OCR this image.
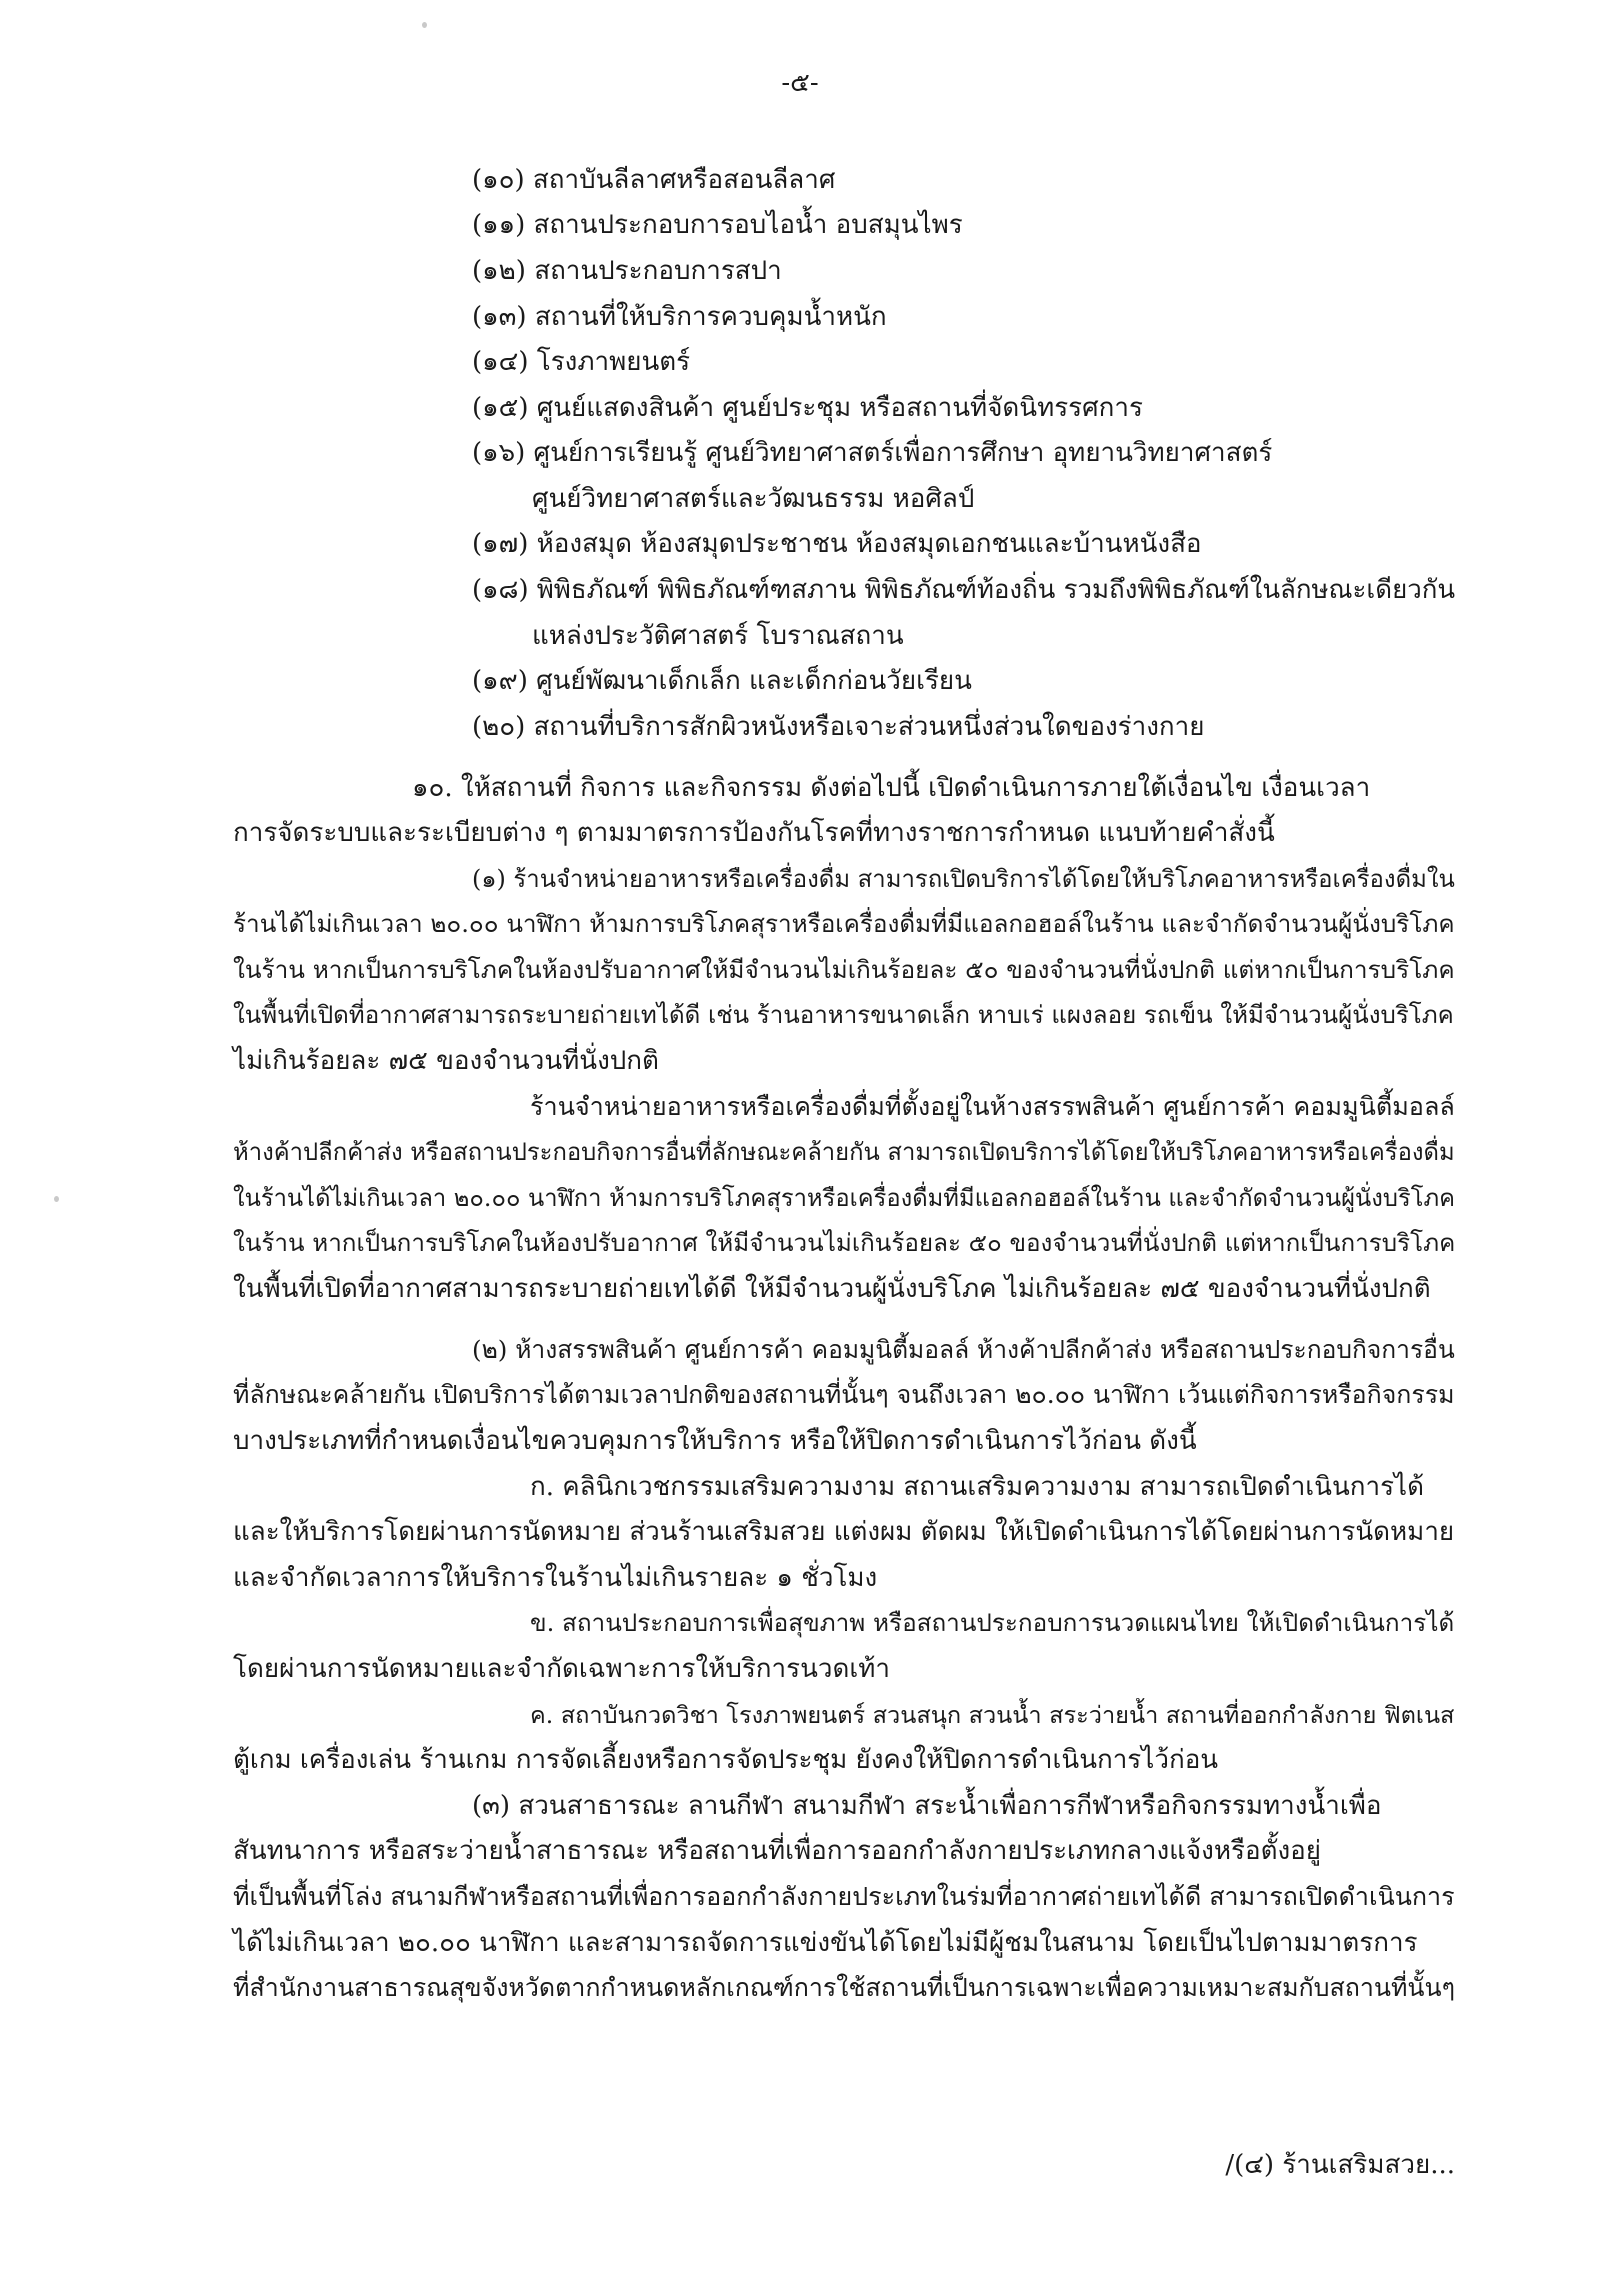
-๕-
(๑๐) สถาบันลีลาศหรือสอนลีลาศ
(๑๑) สถานประกอบการอบไอน้ำ อบสมุนไพร
(๑๒) สถานประกอบการสปา
(๑๓) สถานที่ให้บริการควบคุมน้ำหนัก
(๑๔) โรงภาพยนตร์
(๑๕) ศูนย์แสดงสินค้า ศูนย์ประชุม หรือสถานที่จัดนิทรรศการ
(๑๖) ศูนย์การเรียนรู้ ศูนย์วิทยาศาสตร์เพื่อการศึกษา อุทยานวิทยาศาสตร์
ศูนย์วิทยาศาสตร์และวัฒนธรรม หอศิลป์
(๑๗) ห้องสมุด ห้องสมุดประชาชน ห้องสมุดเอกชนและบ้านหนังสือ
(๑๘) พิพิธภัณฑ์ พิพิธภัณฑ์ฑสภาน พิพิธภัณฑ์ท้องถิ่น รวมถึงพิพิธภัณฑ์ในลักษณะเดียวกัน
แหล่งประวัติศาสตร์ โบราณสถาน
(๑๙) ศูนย์พัฒนาเด็กเล็ก และเด็กก่อนวัยเรียน
(๒๐) สถานที่บริการสักผิวหนังหรือเจาะส่วนหนึ่งส่วนใดของร่างกาย
๑๐. ให้สถานที่ กิจการ และกิจกรรม ดังต่อไปนี้ เปิดดำเนินการภายใต้เงื่อนไข เงื่อนเวลา
การจัดระบบและระเบียบต่าง ๆ ตามมาตรการป้องกันโรคที่ทางราชการกำหนด แนบท้ายคำสั่งนี้
(๑) ร้านจำหน่ายอาหารหรือเครื่องดื่ม สามารถเปิดบริการได้โดยให้บริโภคอาหารหรือเครื่องดื่มใน
ร้านได้ไม่เกินเวลา ๒๐.๐๐ นาฬิกา ห้ามการบริโภคสุราหรือเครื่องดื่มที่มีแอลกอฮอล์ในร้าน และจำกัดจำนวนผู้นั่งบริโภค
ในร้าน หากเป็นการบริโภคในห้องปรับอากาศให้มีจำนวนไม่เกินร้อยละ ๕๐ ของจำนวนที่นั่งปกติ แต่หากเป็นการบริโภค
ในพื้นที่เปิดที่อากาศสามารถระบายถ่ายเทได้ดี เช่น ร้านอาหารขนาดเล็ก หาบเร่ แผงลอย รถเข็น ให้มีจำนวนผู้นั่งบริโภค
ไม่เกินร้อยละ ๗๕ ของจำนวนที่นั่งปกติ
ร้านจำหน่ายอาหารหรือเครื่องดื่มที่ตั้งอยู่ในห้างสรรพสินค้า ศูนย์การค้า คอมมูนิตี้มอลล์
ห้างค้าปลีกค้าส่ง หรือสถานประกอบกิจการอื่นที่ลักษณะคล้ายกัน สามารถเปิดบริการได้โดยให้บริโภคอาหารหรือเครื่องดื่ม
ในร้านได้ไม่เกินเวลา ๒๐.๐๐ นาฬิกา ห้ามการบริโภคสุราหรือเครื่องดื่มที่มีแอลกอฮอล์ในร้าน และจำกัดจำนวนผู้นั่งบริโภค
ในร้าน หากเป็นการบริโภคในห้องปรับอากาศ ให้มีจำนวนไม่เกินร้อยละ ๕๐ ของจำนวนที่นั่งปกติ แต่หากเป็นการบริโภค
ในพื้นที่เปิดที่อากาศสามารถระบายถ่ายเทได้ดี ให้มีจำนวนผู้นั่งบริโภค ไม่เกินร้อยละ ๗๕ ของจำนวนที่นั่งปกติ
(๒) ห้างสรรพสินค้า ศูนย์การค้า คอมมูนิตี้มอลล์ ห้างค้าปลีกค้าส่ง หรือสถานประกอบกิจการอื่น
ที่ลักษณะคล้ายกัน เปิดบริการได้ตามเวลาปกติของสถานที่นั้นๆ จนถึงเวลา ๒๐.๐๐ นาฬิกา เว้นแต่กิจการหรือกิจกรรม
บางประเภทที่กำหนดเงื่อนไขควบคุมการให้บริการ หรือให้ปิดการดำเนินการไว้ก่อน ดังนี้
ก. คลินิกเวชกรรมเสริมความงาม สถานเสริมความงาม สามารถเปิดดำเนินการได้
และให้บริการโดยผ่านการนัดหมาย ส่วนร้านเสริมสวย แต่งผม ตัดผม ให้เปิดดำเนินการได้โดยผ่านการนัดหมาย
และจำกัดเวลาการให้บริการในร้านไม่เกินรายละ ๑ ชั่วโมง
ข. สถานประกอบการเพื่อสุขภาพ หรือสถานประกอบการนวดแผนไทย ให้เปิดดำเนินการได้
โดยผ่านการนัดหมายและจำกัดเฉพาะการให้บริการนวดเท้า
ค. สถาบันกวดวิชา โรงภาพยนตร์ สวนสนุก สวนน้ำ สระว่ายน้ำ สถานที่ออกกำลังกาย ฟิตเนส
ตู้เกม เครื่องเล่น ร้านเกม การจัดเลี้ยงหรือการจัดประชุม ยังคงให้ปิดการดำเนินการไว้ก่อน
(๓) สวนสาธารณะ ลานกีฬา สนามกีฬา สระน้ำเพื่อการกีฬาหรือกิจกรรมทางน้ำเพื่อ
สันทนาการ หรือสระว่ายน้ำสาธารณะ หรือสถานที่เพื่อการออกกำลังกายประเภทกลางแจ้งหรือตั้งอยู่
ที่เป็นพื้นที่โล่ง สนามกีฬาหรือสถานที่เพื่อการออกกำลังกายประเภทในร่มที่อากาศถ่ายเทได้ดี สามารถเปิดดำเนินการ
ได้ไม่เกินเวลา ๒๐.๐๐ นาฬิกา และสามารถจัดการแข่งขันได้โดยไม่มีผู้ชมในสนาม โดยเป็นไปตามมาตรการ
ที่สำนักงานสาธารณสุขจังหวัดตากกำหนดหลักเกณฑ์การใช้สถานที่เป็นการเฉพาะเพื่อความเหมาะสมกับสถานที่นั้นๆ
/(๔) ร้านเสริมสวย...
